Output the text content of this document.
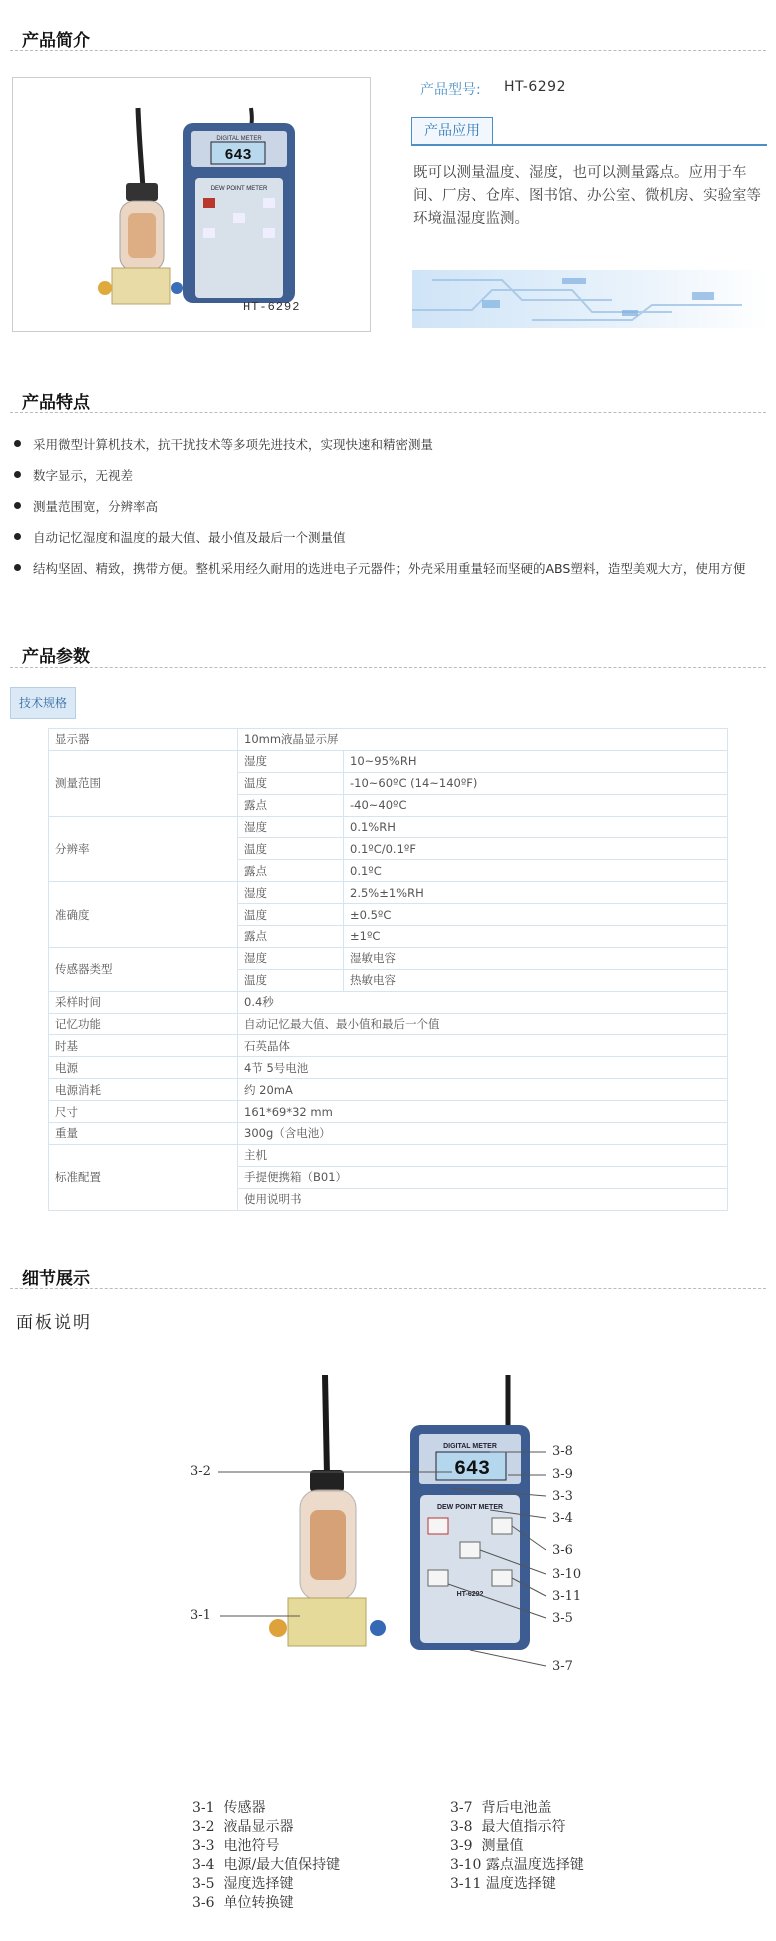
产品简介
DIGITAL METER
643
DEW POINT METER
HT-6292
产品型号: HT-6292
产品应用
既可以测量温度、湿度，也可以测量露点。应用于车间、厂房、仓库、图书馆、办公室、微机房、实验室等环境温湿度监测。
产品特点
采用微型计算机技术，抗干扰技术等多项先进技术，实现快速和精密测量
数字显示，无视差
测量范围宽，分辨率高
自动记忆湿度和温度的最大值、最小值及最后一个测量值
结构坚固、精致，携带方便。整机采用经久耐用的选进电子元器件；外壳采用重量轻而坚硬的ABS塑料，造型美观大方，使用方便
产品参数
技术规格
显示器	10mm液晶显示屏	
测量范围	湿度	10~95%RH
	温度	-10~60ºC (14~140ºF)
	露点	-40~40ºC
分辨率	湿度	0.1%RH
	温度	0.1ºC/0.1ºF
	露点	0.1ºC
准确度	湿度	2.5%±1%RH
	温度	±0.5ºC
	露点	±1ºC
传感器类型	湿度	湿敏电容
	温度	热敏电容
采样时间	0.4秒	
记忆功能	自动记忆最大值、最小值和最后一个值	
时基	石英晶体	
电源	4节 5号电池	
电源消耗	约 20mA	
尺寸	161*69*32 mm	
重量	300g（含电池）	
标准配置	主机	
	手提便携箱（B01）	
	使用说明书	
细节展示
面板说明
DIGITAL METER
643
DEW POINT METER
HT-6292
3-2
3-1
3-8
3-9
3-3
3-4
3-6
3-10
3-11
3-5
3-7
3-1  传感器
3-2  液晶显示器
3-3  电池符号
3-4  电源/最大值保持键
3-5  湿度选择键
3-6  单位转换键
3-7  背后电池盖
3-8  最大值指示符
3-9  测量值
3-10 露点温度选择键
3-11 温度选择键
